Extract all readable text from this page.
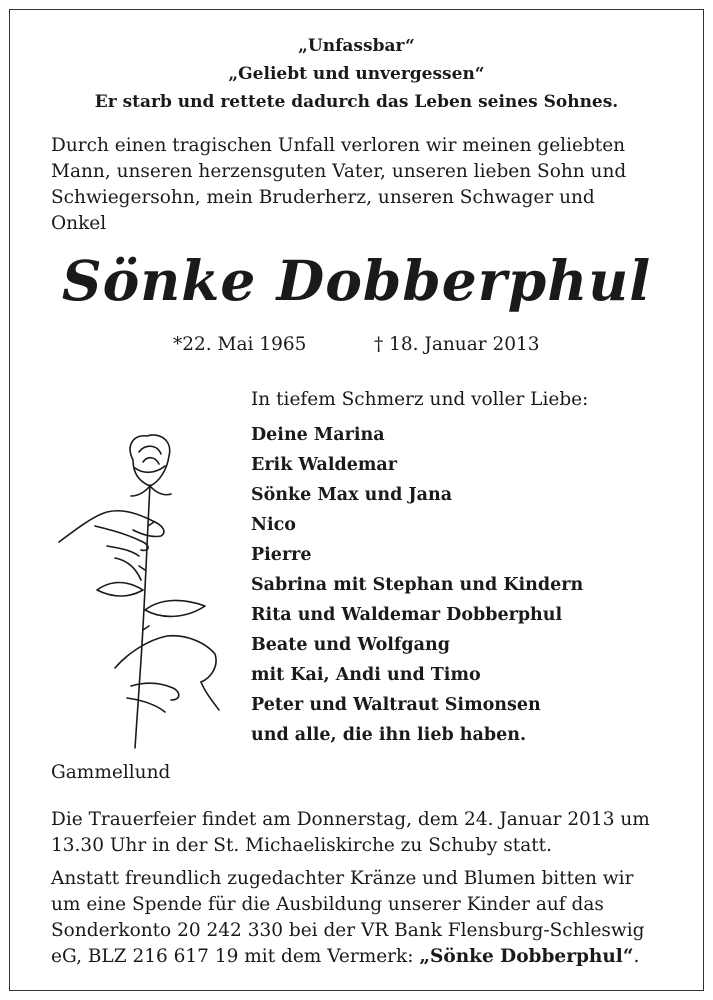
„Unfassbar“
„Geliebt und unvergessen“
Er starb und rettete dadurch das Leben seines Sohnes.
Durch einen tragischen Unfall verloren wir meinen geliebten
Mann, unseren herzensguten Vater, unseren lieben Sohn und
Schwiegersohn, mein Bruderherz, unseren Schwager und
Onkel
Sönke Dobberphul
*22. Mai 1965	† 18. Januar 2013
In tiefem Schmerz und voller Liebe:
Deine Marina
Erik Waldemar
Sönke Max und Jana
Nico
Pierre
Sabrina mit Stephan und Kindern
Rita und Waldemar Dobberphul
Beate und Wolfgang
mit Kai, Andi und Timo
Peter und Waltraut Simonsen
und alle, die ihn lieb haben.
Gammellund
Die Trauerfeier findet am Donnerstag, dem 24. Januar 2013 um
13.30 Uhr in der St. Michaeliskirche zu Schuby statt.
Anstatt freundlich zugedachter Kränze und Blumen bitten wir
um eine Spende für die Ausbildung unserer Kinder auf das
Sonderkonto 20 242 330 bei der VR Bank Flensburg-Schleswig
eG, BLZ 216 617 19 mit dem Vermerk: „Sönke Dobberphul“.
